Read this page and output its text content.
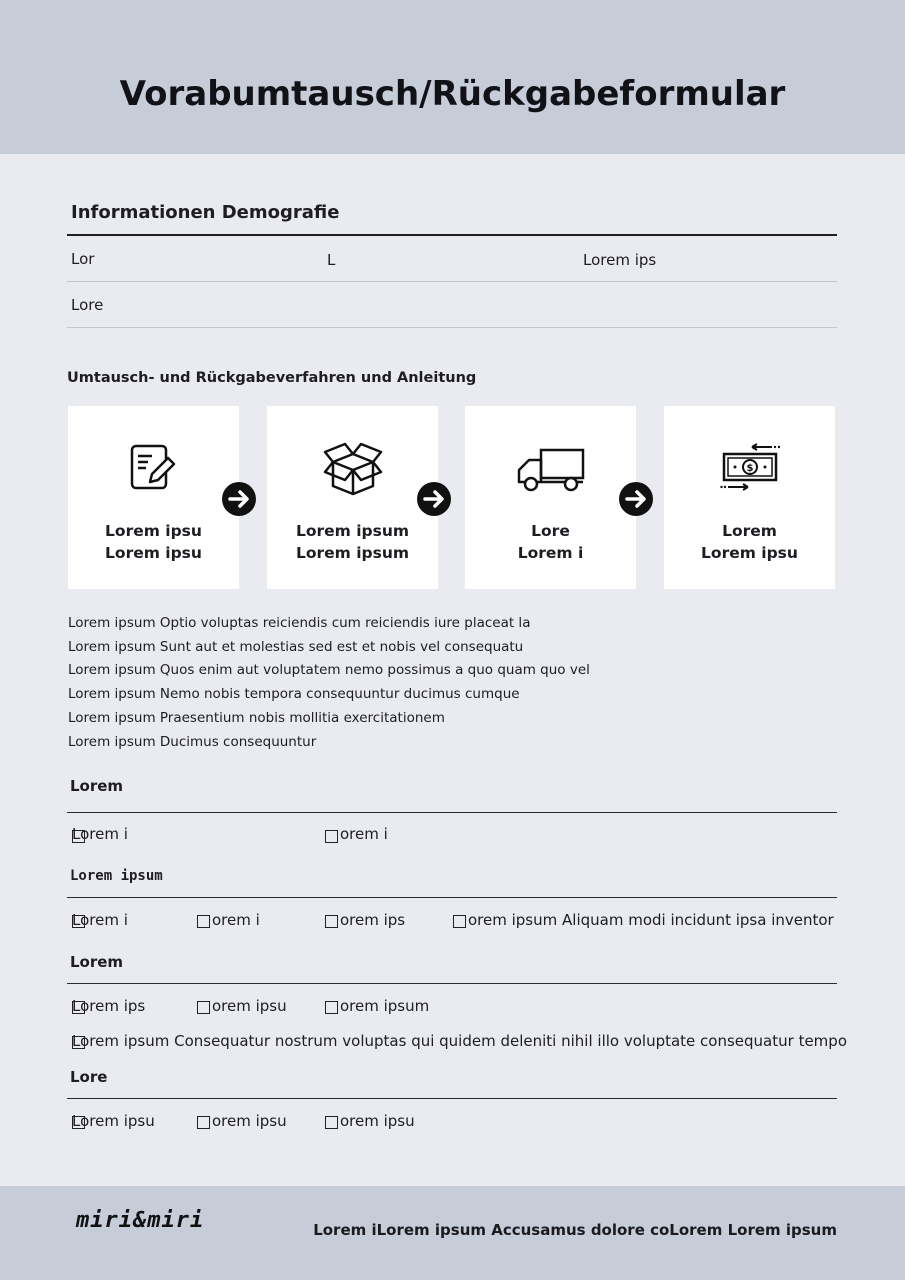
Vorabumtausch/Rückgabeformular
Informationen Demografie
Lor	L	Lorem ips
Lore
Umtausch- und Rückgabeverfahren und Anleitung
Lorem ipsu
Lorem ipsu
Lorem ipsum
Lorem ipsum
Lore
Lorem i
$
Lorem
Lorem ipsu
Lorem ipsum Optio voluptas reiciendis cum reiciendis iure placeat la
Lorem ipsum Sunt aut et molestias sed est et nobis vel consequatu
Lorem ipsum Quos enim aut voluptatem nemo possimus a quo quam quo vel
Lorem ipsum Nemo nobis tempora consequuntur ducimus cumque
Lorem ipsum Praesentium nobis mollitia exercitationem
Lorem ipsum Ducimus consequuntur
Lorem
Lorem i	orem i
Lorem ipsum
Lorem i	orem i	orem ips	orem ipsum Aliquam modi incidunt ipsa inventor
Lorem
Lorem ips	orem ipsu	orem ipsum
Lorem ipsum Consequatur nostrum voluptas qui quidem deleniti nihil illo voluptate consequatur tempo
Lore
Lorem ipsu	orem ipsu	orem ipsu
miri&miri	Lorem iLorem ipsum Accusamus dolore coLorem Lorem ipsum
